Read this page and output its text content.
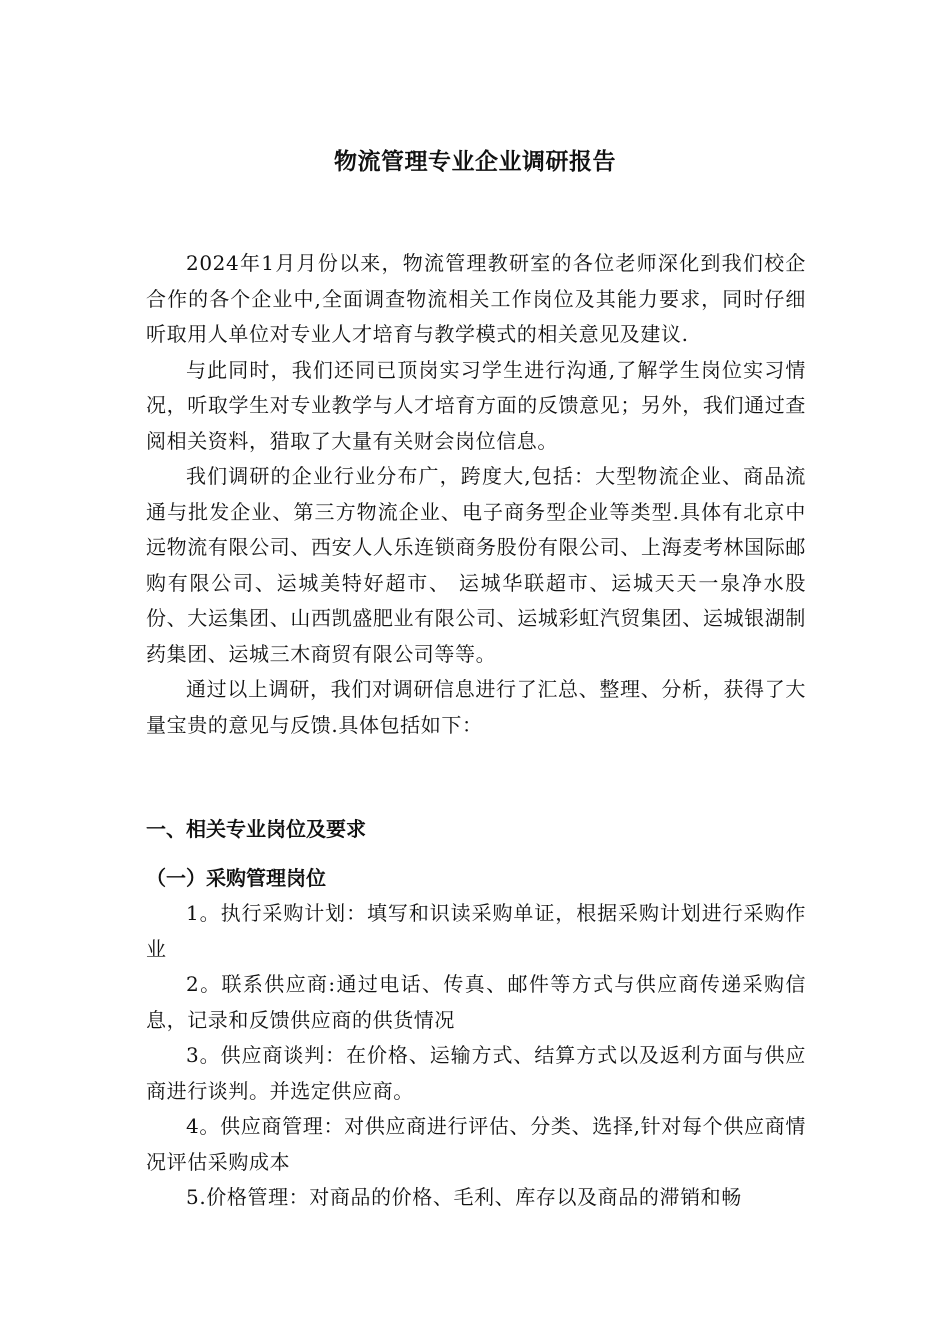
物流管理专业企业调研报告

2024年1月月份以来，物流管理教研室的各位老师深化到我们校企合作的各个企业中,全面调查物流相关工作岗位及其能力要求，同时仔细听取用人单位对专业人才培育与教学模式的相关意见及建议.

与此同时，我们还同已顶岗实习学生进行沟通,了解学生岗位实习情况，听取学生对专业教学与人才培育方面的反馈意见；另外，我们通过查阅相关资料，猎取了大量有关财会岗位信息。

我们调研的企业行业分布广，跨度大,包括：大型物流企业、商品流通与批发企业、第三方物流企业、电子商务型企业等类型.具体有北京中远物流有限公司、西安人人乐连锁商务股份有限公司、上海麦考林国际邮购有限公司、运城美特好超市、 运城华联超市、运城天天一泉净水股份、大运集团、山西凯盛肥业有限公司、运城彩虹汽贸集团、运城银湖制药集团、运城三木商贸有限公司等等。

通过以上调研，我们对调研信息进行了汇总、整理、分析，获得了大量宝贵的意见与反馈.具体包括如下：

一、相关专业岗位及要求
（一）采购管理岗位

1。执行采购计划：填写和识读采购单证，根据采购计划进行采购作业

2。联系供应商:通过电话、传真、邮件等方式与供应商传递采购信息，记录和反馈供应商的供货情况

3。供应商谈判：在价格、运输方式、结算方式以及返利方面与供应商进行谈判。并选定供应商。

4。供应商管理：对供应商进行评估、分类、选择,针对每个供应商情况评估采购成本

5.价格管理：对商品的价格、毛利、库存以及商品的滞销和畅
